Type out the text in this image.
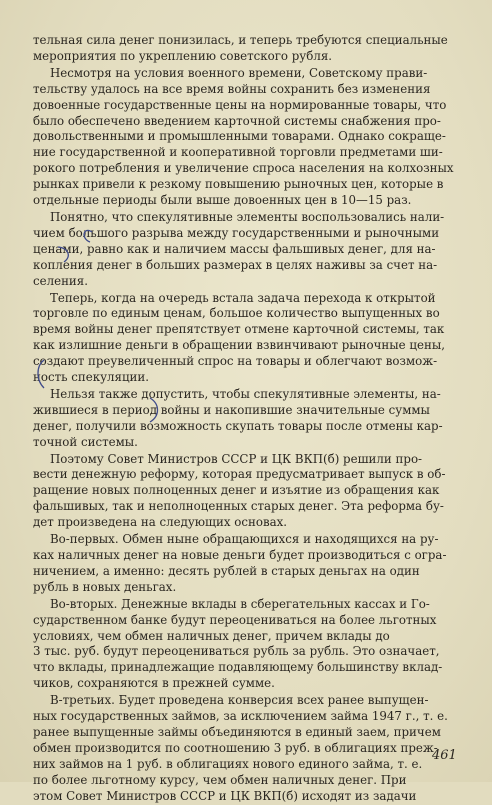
тельная сила денег понизилась, и теперь требуются специальные
мероприятия по укреплению советского рубля.

Несмотря на условия военного времени, Советскому прави-
тельству удалось на все время войны сохранить без изменения
довоенные государственные цены на нормированные товары, что
было обеспечено введением карточной системы снабжения про-
довольственными и промышленными товарами. Однако сокраще-
ние государственной и кооперативной торговли предметами ши-
рокого потребления и увеличение спроса населения на колхозных
рынках привели к резкому повышению рыночных цен, которые в
отдельные периоды были выше довоенных цен в 10—15 раз.

Понятно, что спекулятивные элементы воспользовались нали-
чием большого разрыва между государственными и рыночными
ценами, равно как и наличием массы фальшивых денег, для на-
копления денег в больших размерах в целях наживы за счет на-
селения.

Теперь, когда на очередь встала задача перехода к открытой
торговле по единым ценам, большое количество выпущенных во
время войны денег препятствует отмене карточной системы, так
как излишние деньги в обращении взвинчивают рыночные цены,
создают преувеличенный спрос на товары и облегчают возмож-
ность спекуляции.

Нельзя также допустить, чтобы спекулятивные элементы, на-
жившиеся в период войны и накопившие значительные суммы
денег, получили возможность скупать товары после отмены кар-
точной системы.

Поэтому Совет Министров СССР и ЦК ВКП(б) решили про-
вести денежную реформу, которая предусматривает выпуск в об-
ращение новых полноценных денег и изъятие из обращения как
фальшивых, так и неполноценных старых денег. Эта реформа бу-
дет произведена на следующих основах.

Во-первых. Обмен ныне обращающихся и находящихся на ру-
ках наличных денег на новые деньги будет производиться с огра-
ничением, а именно: десять рублей в старых деньгах на один
рубль в новых деньгах.

Во-вторых. Денежные вклады в сберегательных кассах и Го-
сударственном банке будут переоцениваться на более льготных
условиях, чем обмен наличных денег, причем вклады до
3 тыс. руб. будут переоцениваться рубль за рубль. Это означает,
что вклады, принадлежащие подавляющему большинству вклад-
чиков, сохраняются в прежней сумме.

В-третьих. Будет проведена конверсия всех ранее выпущен-
ных государственных займов, за исключением займа 1947 г., т. е.
ранее выпущенные займы объединяются в единый заем, причем
обмен производится по соотношению 3 руб. в облигациях преж-
них займов на 1 руб. в облигациях нового единого займа, т. е.
по более льготному курсу, чем обмен наличных денег. При
этом Совет Министров СССР и ЦК ВКП(б) исходят из задачи

461
